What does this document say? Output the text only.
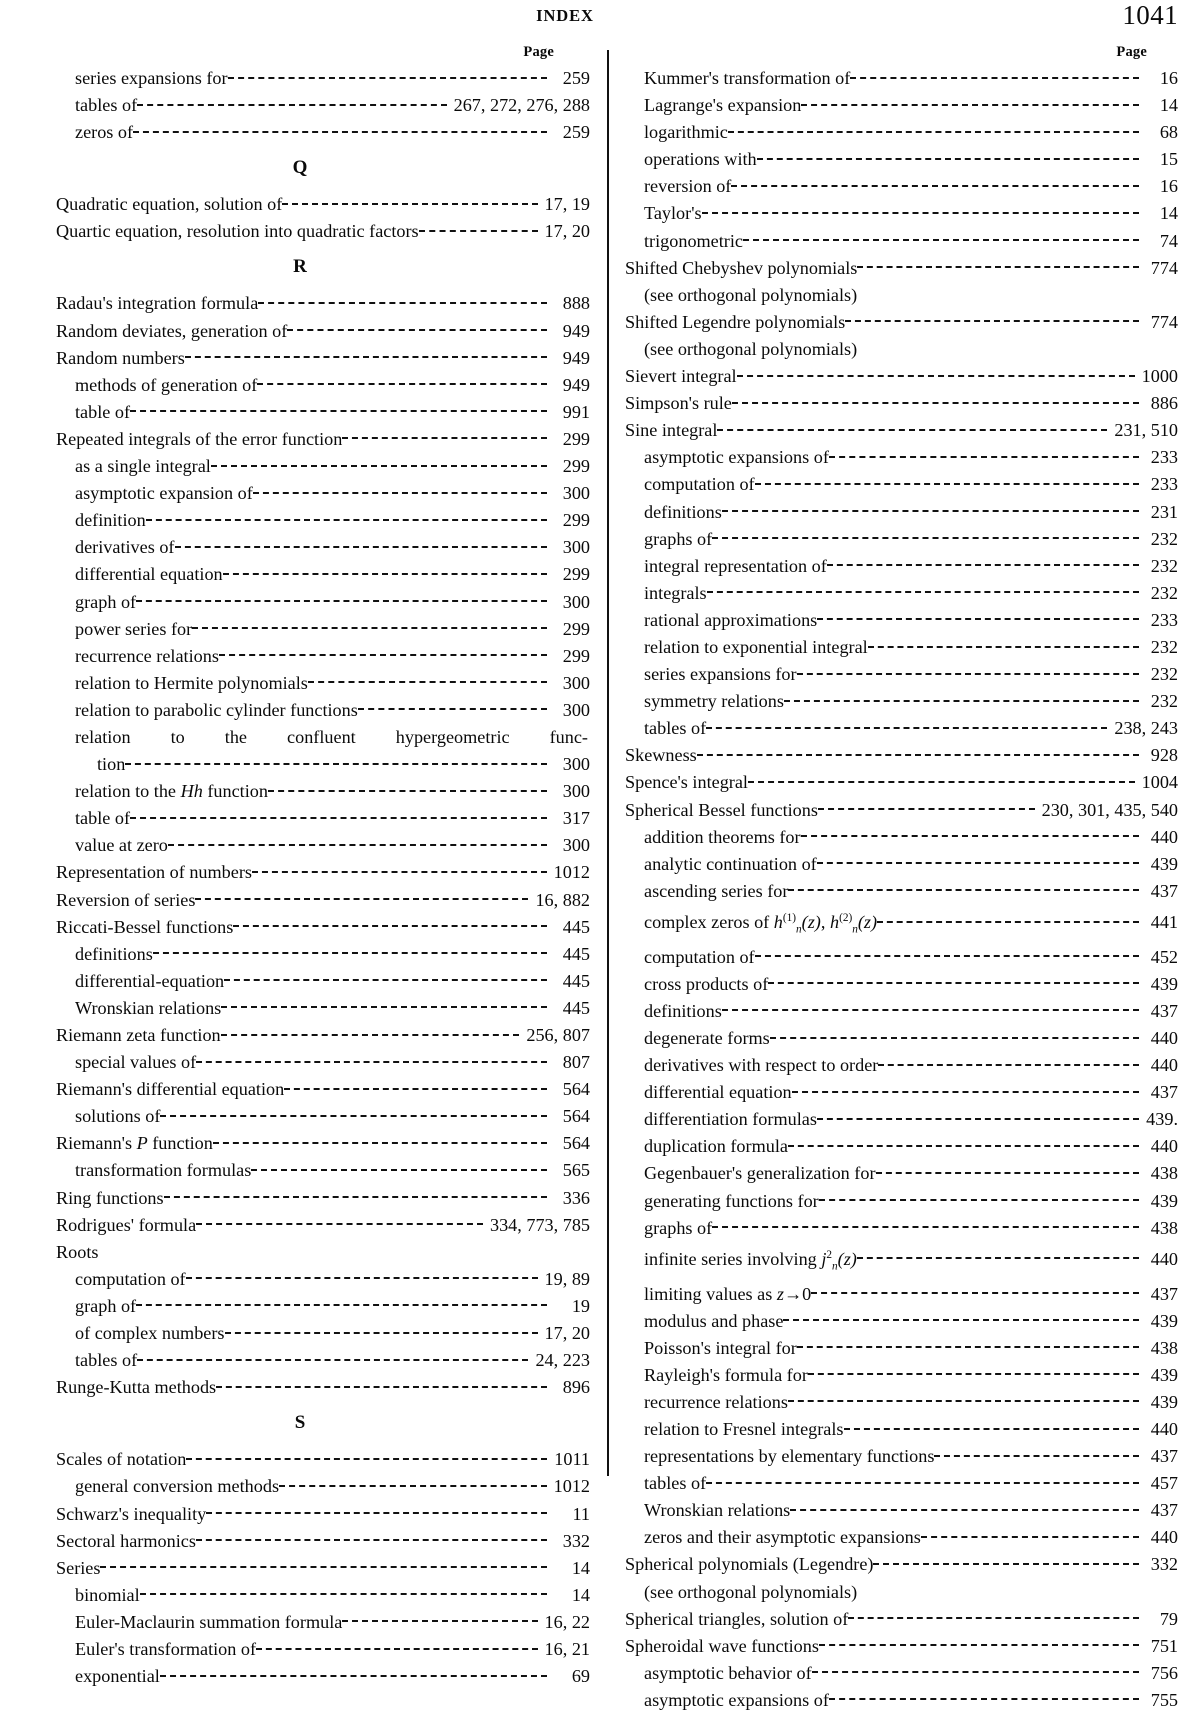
INDEX	1041
Page
series expansions for	259
tables of	267, 272, 276, 288
zeros of	259
Q
Quadratic equation, solution of	17, 19
Quartic equation, resolution into quadratic factors	17, 20
R
Radau's integration formula	888
Random deviates, generation of	949
Random numbers	949
methods of generation of	949
table of	991
Repeated integrals of the error function	299
as a single integral	299
asymptotic expansion of	300
definition	299
derivatives of	300
differential equation	299
graph of	300
power series for	299
recurrence relations	299
relation to Hermite polynomials	300
relation to parabolic cylinder functions	300
relation to the confluent hypergeometric func-
tion	300
relation to the Hh function	300
table of	317
value at zero	300
Representation of numbers	1012
Reversion of series	16, 882
Riccati-Bessel functions	445
definitions	445
differential-equation	445
Wronskian relations	445
Riemann zeta function	256, 807
special values of	807
Riemann's differential equation	564
solutions of	564
Riemann's P function	564
transformation formulas	565
Ring functions	336
Rodrigues' formula	334, 773, 785
Roots
computation of	19, 89
graph of	19
of complex numbers	17, 20
tables of	24, 223
Runge-Kutta methods	896
S
Scales of notation	1011
general conversion methods	1012
Schwarz's inequality	11
Sectoral harmonics	332
Series	14
binomial	14
Euler-Maclaurin summation formula	16, 22
Euler's transformation of	16, 21
exponential	69
Page
Kummer's transformation of	16
Lagrange's expansion	14
logarithmic	68
operations with	15
reversion of	16
Taylor's	14
trigonometric	74
Shifted Chebyshev polynomials	774
(see orthogonal polynomials)
Shifted Legendre polynomials	774
(see orthogonal polynomials)
Sievert integral	1000
Simpson's rule	886
Sine integral	231, 510
asymptotic expansions of	233
computation of	233
definitions	231
graphs of	232
integral representation of	232
integrals	232
rational approximations	233
relation to exponential integral	232
series expansions for	232
symmetry relations	232
tables of	238, 243
Skewness	928
Spence's integral	1004
Spherical Bessel functions	230, 301, 435, 540
addition theorems for	440
analytic continuation of	439
ascending series for	437
complex zeros of $h^{(1)}_n(z)$, $h^{(2)}_n(z)$	441
computation of	452
cross products of	439
definitions	437
degenerate forms	440
derivatives with respect to order	440
differential equation	437
differentiation formulas	439.
duplication formula	440
Gegenbauer's generalization for	438
generating functions for	439
graphs of	438
infinite series involving $j^2_n(z)$	440
limiting values as z→0	437
modulus and phase	439
Poisson's integral for	438
Rayleigh's formula for	439
recurrence relations	439
relation to Fresnel integrals	440
representations by elementary functions	437
tables of	457
Wronskian relations	437
zeros and their asymptotic expansions	440
Spherical polynomials (Legendre)	332
(see orthogonal polynomials)
Spherical triangles, solution of	79
Spheroidal wave functions	751
asymptotic behavior of	756
asymptotic expansions of	755
